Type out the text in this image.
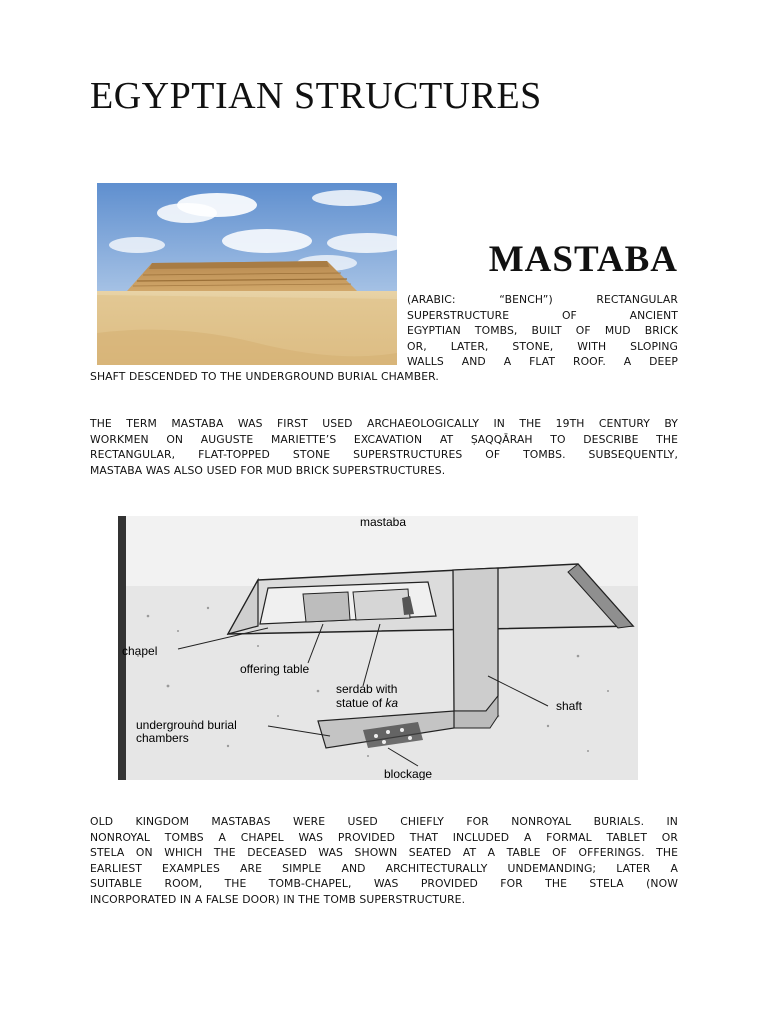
EGYPTIAN STRUCTURES
MASTABA

(ARABIC: “BENCH”) RECTANGULAR
SUPERSTRUCTURE OF ANCIENT
EGYPTIAN TOMBS, BUILT OF MUD BRICK
OR, LATER, STONE, WITH SLOPING
WALLS AND A FLAT ROOF. A DEEP

SHAFT DESCENDED TO THE UNDERGROUND BURIAL CHAMBER.

THE TERM MASTABA WAS FIRST USED ARCHAEOLOGICALLY IN THE 19TH CENTURY BY
WORKMEN ON AUGUSTE MARIETTE’S EXCAVATION AT ṢAQQĀRAH TO DESCRIBE THE
RECTANGULAR, FLAT-TOPPED STONE SUPERSTRUCTURES OF TOMBS. SUBSEQUENTLY,
MASTABA WAS ALSO USED FOR MUD BRICK SUPERSTRUCTURES.

mastaba
chapel
offering table
serdab with
statue of ka	shaft
underground burial
chambers
blockage

OLD KINGDOM MASTABAS WERE USED CHIEFLY FOR NONROYAL BURIALS. IN
NONROYAL TOMBS A CHAPEL WAS PROVIDED THAT INCLUDED A FORMAL TABLET OR
STELA ON WHICH THE DECEASED WAS SHOWN SEATED AT A TABLE OF OFFERINGS. THE
EARLIEST EXAMPLES ARE SIMPLE AND ARCHITECTURALLY UNDEMANDING; LATER A
SUITABLE ROOM, THE TOMB-CHAPEL, WAS PROVIDED FOR THE STELA (NOW
INCORPORATED IN A FALSE DOOR) IN THE TOMB SUPERSTRUCTURE.
